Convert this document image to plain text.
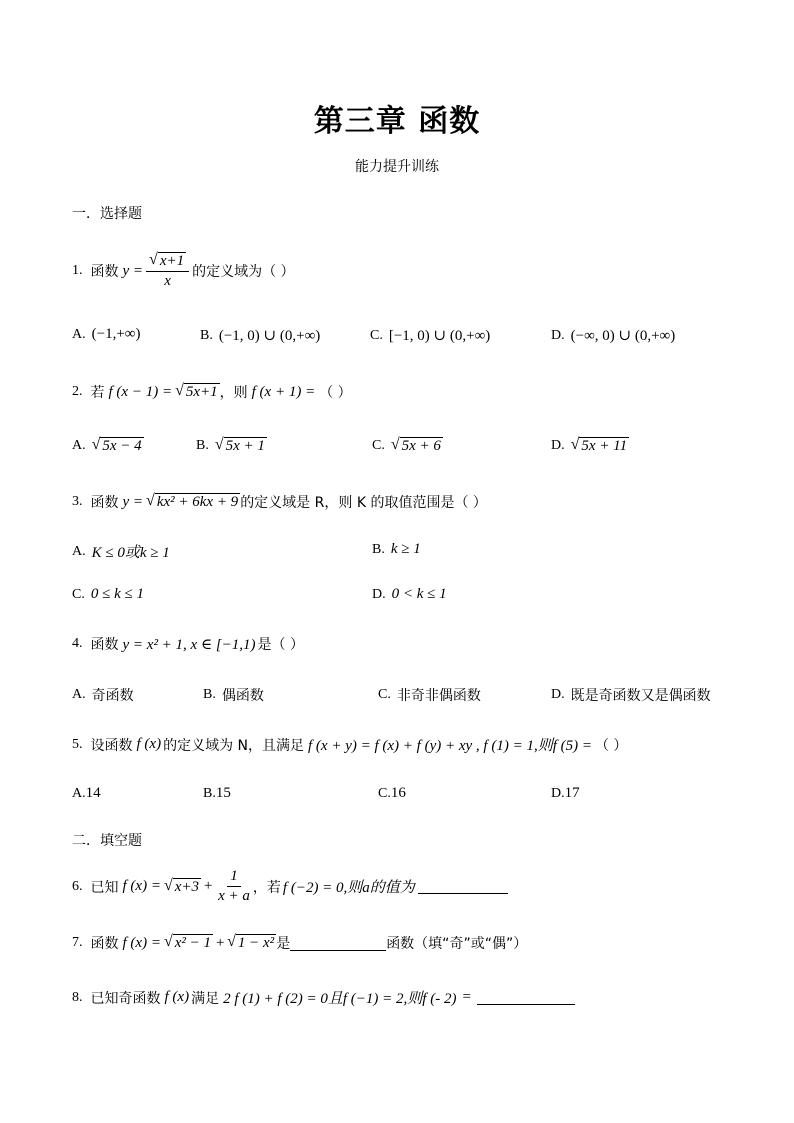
第三章 函数
能力提升训练
一．选择题
1. 函数 $y = \frac{√ x+1}{x}$ 的定义域为（ ）
A. (−1,+∞)	B. (−1, 0) ∪ (0,+∞)	C. [−1, 0) ∪ (0,+∞)	D. (−∞, 0) ∪ (0,+∞)
2. 若 f (x − 1) = √ 5x+1 ，则 f (x + 1) = （ ）
A. √ 5x − 4	B. √ 5x + 1	C. √ 5x + 6	D. √ 5x + 11
3. 函数 y = √ kx² + 6kx + 9 的定义域是 R，则 K 的取值范围是（ ）
A. K ≤ 0或k ≥ 1	B. k ≥ 1
C. 0 ≤ k ≤ 1	D. 0 < k ≤ 1
4. 函数 y = x² + 1, x ∈ [−1,1) 是（ ）
A. 奇函数	B. 偶函数	C. 非奇非偶函数	D. 既是奇函数又是偶函数
5. 设函数 f (x) 的定义域为 N，且满足 f (x + y) = f (x) + f (y) + xy , f (1) = 1,则f (5) = （ ）
A. 14	B. 15	C. 16	D. 17
二．填空题
6. 已知 f (x) = √ $x+3 + \frac{1}{x + a}$ ，若 f (−2) = 0,则a的值为
7. 函数 f (x) = √ x² − 1 + √ 1 − x² 是	函数（填“奇”或“偶”）
8. 已知奇函数 f (x) 满足 2 f (1) + f (2) = 0且f (−1) = 2,则f (- 2) =
